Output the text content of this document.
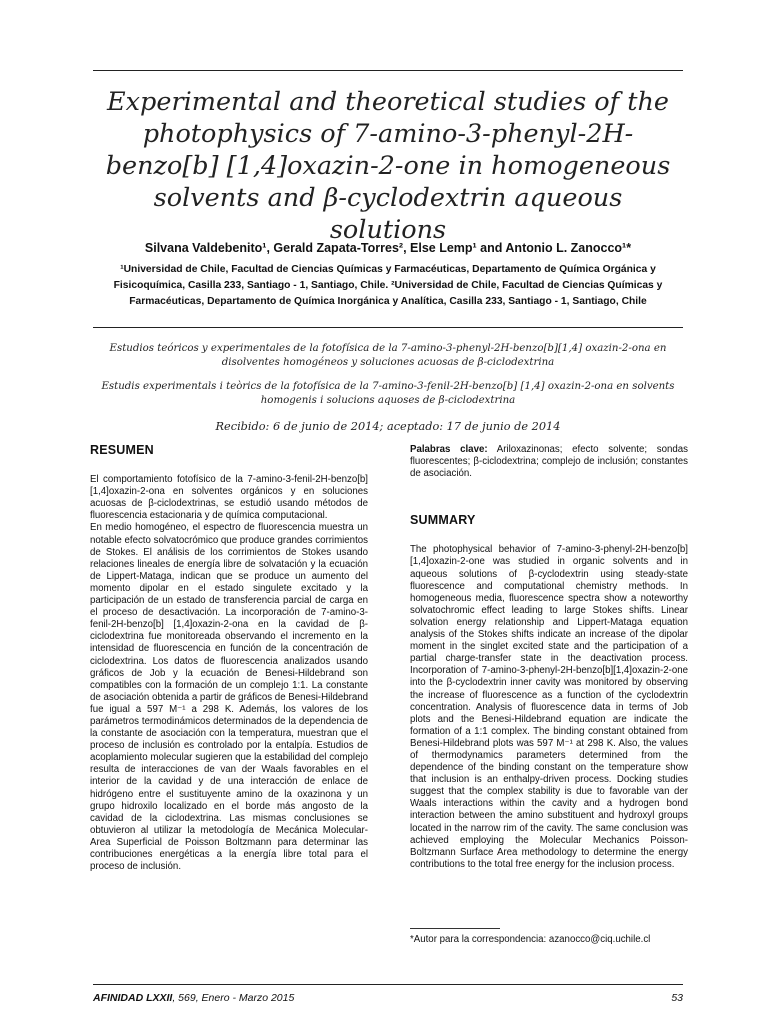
Experimental and theoretical studies of the photophysics of 7-amino-3-phenyl-2H-benzo[b] [1,4]oxazin-2-one in homogeneous solvents and β-cyclodextrin aqueous solutions
Silvana Valdebenito¹, Gerald Zapata-Torres², Else Lemp¹ and Antonio L. Zanocco¹*
¹Universidad de Chile, Facultad de Ciencias Químicas y Farmacéuticas, Departamento de Química Orgánica y Fisicoquímica, Casilla 233, Santiago - 1, Santiago, Chile. ²Universidad de Chile, Facultad de Ciencias Químicas y Farmacéuticas, Departamento de Química Inorgánica y Analítica, Casilla 233, Santiago - 1, Santiago, Chile
Estudios teóricos y experimentales de la fotofísica de la 7-amino-3-phenyl-2H-benzo[b][1,4] oxazin-2-ona en disolventes homogéneos y soluciones acuosas de β-ciclodextrina
Estudis experimentals i teòrics de la fotofísica de la 7-amino-3-fenil-2H-benzo[b] [1,4] oxazin-2-ona en solvents homogenis i solucions aquoses de β-ciclodextrina
Recibido: 6 de junio de 2014; aceptado: 17 de junio de 2014
RESUMEN

El comportamiento fotofísico de la 7-amino-3-fenil-2H-benzo[b][1,4]oxazin-2-ona en solventes orgánicos y en soluciones acuosas de β-ciclodextrinas, se estudió usando métodos de fluorescencia estacionaria y de química computacional.

En medio homogéneo, el espectro de fluorescencia muestra un notable efecto solvatocrómico que produce grandes corrimientos de Stokes. El análisis de los corrimientos de Stokes usando relaciones lineales de energía libre de solvatación y la ecuación de Lippert-Mataga, indican que se produce un aumento del momento dipolar en el estado singulete excitado y la participación de un estado de transferencia parcial de carga en el proceso de desactivación. La incorporación de 7-amino-3-fenil-2H-benzo[b] [1,4]oxazin-2-ona en la cavidad de β-ciclodextrina fue monitoreada observando el incremento en la intensidad de fluorescencia en función de la concentración de ciclodextrina. Los datos de fluorescencia analizados usando gráficos de Job y la ecuación de Benesi-Hildebrand son compatibles con la formación de un complejo 1:1. La constante de asociación obtenida a partir de gráficos de Benesi-Hildebrand fue igual a 597 M⁻¹ a 298 K. Además, los valores de los parámetros termodinámicos determinados de la dependencia de la constante de asociación con la temperatura, muestran que el proceso de inclusión es controlado por la entalpía. Estudios de acoplamiento molecular sugieren que la estabilidad del complejo resulta de interacciones de van der Waals favorables en el interior de la cavidad y de una interacción de enlace de hidrógeno entre el sustituyente amino de la oxazinona y un grupo hidroxilo localizado en el borde más angosto de la cavidad de la ciclodextrina. Las mismas conclusiones se obtuvieron al utilizar la metodología de Mecánica Molecular-Area Superficial de Poisson Boltzmann para determinar las contribuciones energéticas a la energía libre total para el proceso de inclusión.

Palabras clave: Ariloxazinonas; efecto solvente; sondas fluorescentes; β-ciclodextrina; complejo de inclusión; constantes de asociación.

SUMMARY

The photophysical behavior of 7-amino-3-phenyl-2H-benzo[b][1,4]oxazin-2-one was studied in organic solvents and in aqueous solutions of β-cyclodextrin using steady-state fluorescence and computational chemistry methods. In homogeneous media, fluorescence spectra show a noteworthy solvatochromic effect leading to large Stokes shifts. Linear solvation energy relationship and Lippert-Mataga equation analysis of the Stokes shifts indicate an increase of the dipolar moment in the singlet excited state and the participation of a partial charge-transfer state in the deactivation process. Incorporation of 7-amino-3-phenyl-2H-benzo[b][1,4]oxazin-2-one into the β-cyclodextrin inner cavity was monitored by observing the increase of fluorescence as a function of the cyclodextrin concentration. Analysis of fluorescence data in terms of Job plots and the Benesi-Hildebrand equation are indicate the formation of a 1:1 complex. The binding constant obtained from Benesi-Hildebrand plots was 597 M⁻¹ at 298 K. Also, the values of thermodynamics parameters determined from the dependence of the binding constant on the temperature show that inclusion is an enthalpy-driven process. Docking studies suggest that the complex stability is due to favorable van der Waals interactions within the cavity and a hydrogen bond interaction between the amino substituent and hydroxyl groups located in the narrow rim of the cavity. The same conclusion was achieved employing the Molecular Mechanics Poisson-Boltzmann Surface Area methodology to determine the energy contributions to the total free energy for the inclusion process.

*Autor para la correspondencia: azanocco@ciq.uchile.cl
AFINIDAD LXXII, 569, Enero - Marzo 2015	53
